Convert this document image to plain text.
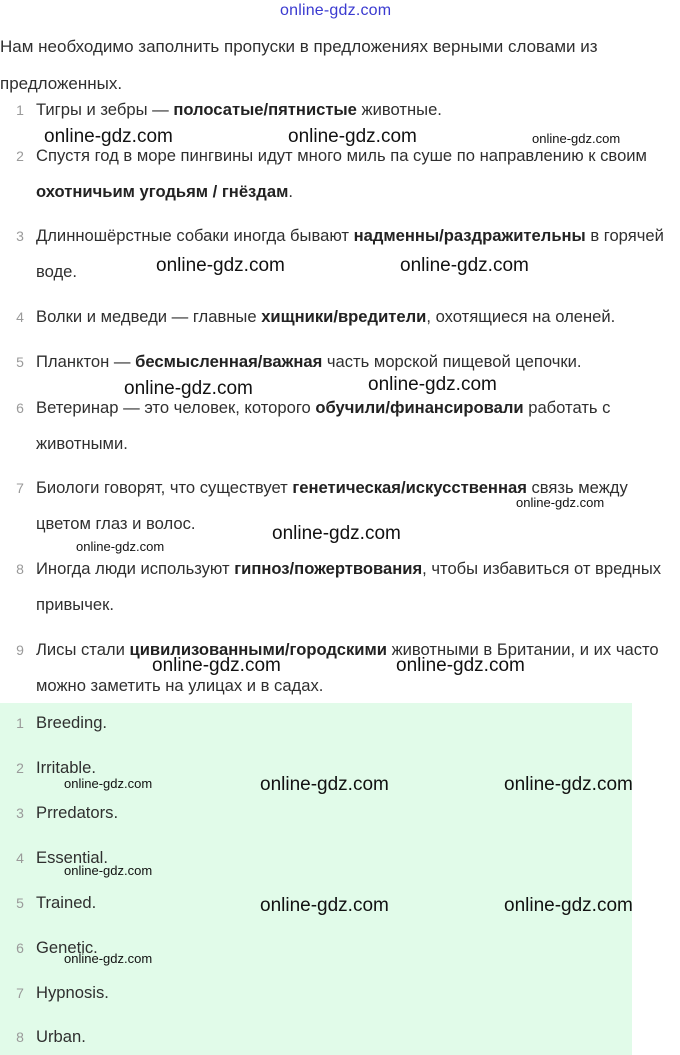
online-gdz.com
Нам необходимо заполнить пропуски в предложениях верными словами из предложенных.
1 Тигры и зебры — полосатые/пятнистые животные.
2 Спустя год в море пингвины идут много миль па суше по направлению к своим охотничьим угодьям / гнёздам.
3 Длинношёрстные собаки иногда бывают надменны/раздражительны в горячей воде.
4 Волки и медведи — главные хищники/вредители, охотящиеся на оленей.
5 Планктон — бесмысленная/важная часть морской пищевой цепочки.
6 Ветеринар — это человек, которого обучили/финансировали работать с животными.
7 Биологи говорят, что существует генетическая/искусственная связь между цветом глаз и волос.
8 Иногда люди используют гипноз/пожертвования, чтобы избавиться от вредных привычек.
9 Лисы стали цивилизованными/городскими животными в Британии, и их часто можно заметить на улицах и в садах.
1 Breeding.
2 Irritable.
3 Prredators.
4 Essential.
5 Trained.
6 Genetic.
7 Hypnosis.
8 Urban.
online-gdz.com	online-gdz.com	online-gdz.com
online-gdz.com	online-gdz.com
online-gdz.com	online-gdz.com
online-gdz.com
online-gdz.com
online-gdz.com
online-gdz.com	online-gdz.com
online-gdz.com	online-gdz.com	online-gdz.com
online-gdz.com
online-gdz.com	online-gdz.com
online-gdz.com
